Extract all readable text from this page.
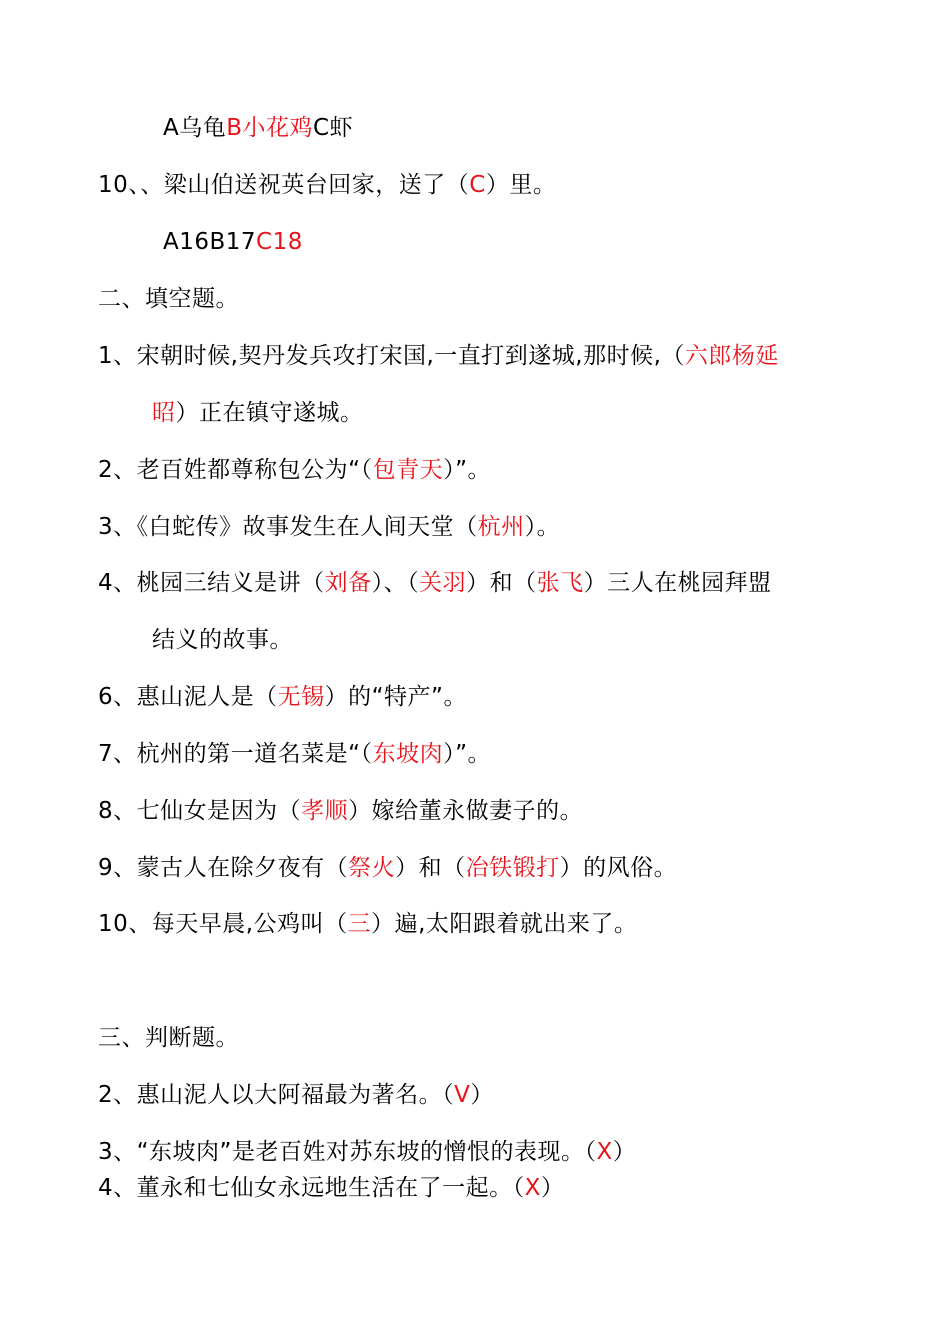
A乌龟B小花鸡C虾
10、、梁山伯送祝英台回家，送了（C）里。
A16B17C18
二、填空题。
1、宋朝时候,契丹发兵攻打宋国,一直打到遂城,那时候,（六郎杨延
昭）正在镇守遂城。
2、老百姓都尊称包公为“（包青天）”。
3、《白蛇传》故事发生在人间天堂（杭州）。
4、桃园三结义是讲（刘备）、（关羽）和（张飞）三人在桃园拜盟
结义的故事。
6、惠山泥人是（无锡）的“特产”。
7、杭州的第一道名菜是“（东坡肉）”。
8、七仙女是因为（孝顺）嫁给董永做妻子的。
9、蒙古人在除夕夜有（祭火）和（冶铁锻打）的风俗。
10、每天早晨,公鸡叫（三）遍,太阳跟着就出来了。
三、判断题。
2、惠山泥人以大阿福最为著名。（V）
3、“东坡肉”是老百姓对苏东坡的憎恨的表现。（X）
4、董永和七仙女永远地生活在了一起。（X）
